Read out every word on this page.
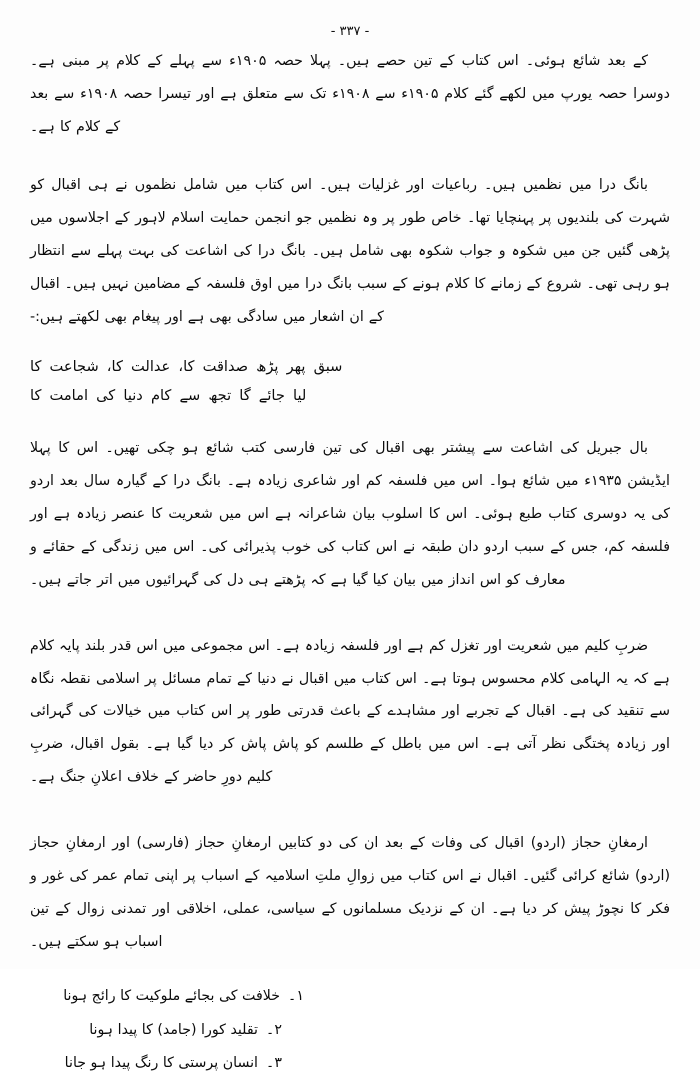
- ۳۳۷ -

کے بعد شائع ہوئی۔ اس کتاب کے تین حصے ہیں۔ پہلا حصہ ۱۹۰۵ء سے پہلے کے کلام پر مبنی ہے۔ دوسرا حصہ یورپ میں لکھے گئے کلام ۱۹۰۵ء سے ۱۹۰۸ء تک سے متعلق ہے اور تیسرا حصہ ۱۹۰۸ء سے بعد کے کلام کا ہے۔

بانگ درا میں نظمیں ہیں۔ رباعیات اور غزلیات ہیں۔ اس کتاب میں شامل نظموں نے ہی اقبال کو شہرت کی بلندیوں پر پہنچایا تھا۔ خاص طور پر وہ نظمیں جو انجمن حمایت اسلام لاہور کے اجلاسوں میں پڑھی گئیں جن میں شکوہ و جواب شکوہ بھی شامل ہیں۔ بانگ درا کی اشاعت کی بہت پہلے سے انتظار ہو رہی تھی۔ شروع کے زمانے کا کلام ہونے کے سبب بانگ درا میں اوق فلسفہ کے مضامین نہیں ہیں۔ اقبال کے ان اشعار میں سادگی بھی ہے اور پیغام بھی لکھتے ہیں:-

سبق پھر پڑھ صداقت کا، عدالت کا، شجاعت کا
لیا جائے گا تجھ سے کام دنیا کی امامت کا

بال جبریل کی اشاعت سے پیشتر بھی اقبال کی تین فارسی کتب شائع ہو چکی تھیں۔ اس کا پہلا ایڈیشن ۱۹۳۵ء میں شائع ہوا۔ اس میں فلسفہ کم اور شاعری زیادہ ہے۔ بانگ درا کے گیارہ سال بعد اردو کی یہ دوسری کتاب طبع ہوئی۔ اس کا اسلوب بیان شاعرانہ ہے اس میں شعریت کا عنصر زیادہ ہے اور فلسفہ کم، جس کے سبب اردو دان طبقہ نے اس کتاب کی خوب پذیرائی کی۔ اس میں زندگی کے حقائے و معارف کو اس انداز میں بیان کیا گیا ہے کہ پڑھتے ہی دل کی گہرائیوں میں اتر جاتے ہیں۔

ضربِ کلیم میں شعریت اور تغزل کم ہے اور فلسفہ زیادہ ہے۔ اس مجموعی میں اس قدر بلند پایہ کلام ہے کہ یہ الہامی کلام محسوس ہوتا ہے۔ اس کتاب میں اقبال نے دنیا کے تمام مسائل پر اسلامی نقطہ نگاہ سے تنقید کی ہے۔ اقبال کے تجربے اور مشاہدے کے باعث قدرتی طور پر اس کتاب میں خیالات کی گہرائی اور زیادہ پختگی نظر آتی ہے۔ اس میں باطل کے طلسم کو پاش پاش کر دیا گیا ہے۔ بقول اقبال، ضربِ کلیم دورِ حاضر کے خلاف اعلانِ جنگ ہے۔

ارمغانِ حجاز (اردو) اقبال کی وفات کے بعد ان کی دو کتابیں ارمغانِ حجاز (فارسی) اور ارمغانِ حجاز (اردو) شائع کرائی گئیں۔ اقبال نے اس کتاب میں زوالِ ملتِ اسلامیہ کے اسباب پر اپنی تمام عمر کی غور و فکر کا نچوڑ پیش کر دیا ہے۔ ان کے نزدیک مسلمانوں کے سیاسی، عملی، اخلاقی اور تمدنی زوال کے تین اسباب ہو سکتے ہیں۔

۱۔
خلافت کی بجائے ملوکیت کا رائج ہونا
۲۔
تقلید کورا (جامد) کا پیدا ہونا
۳۔
انسان پرستی کا رنگ پیدا ہو جانا
